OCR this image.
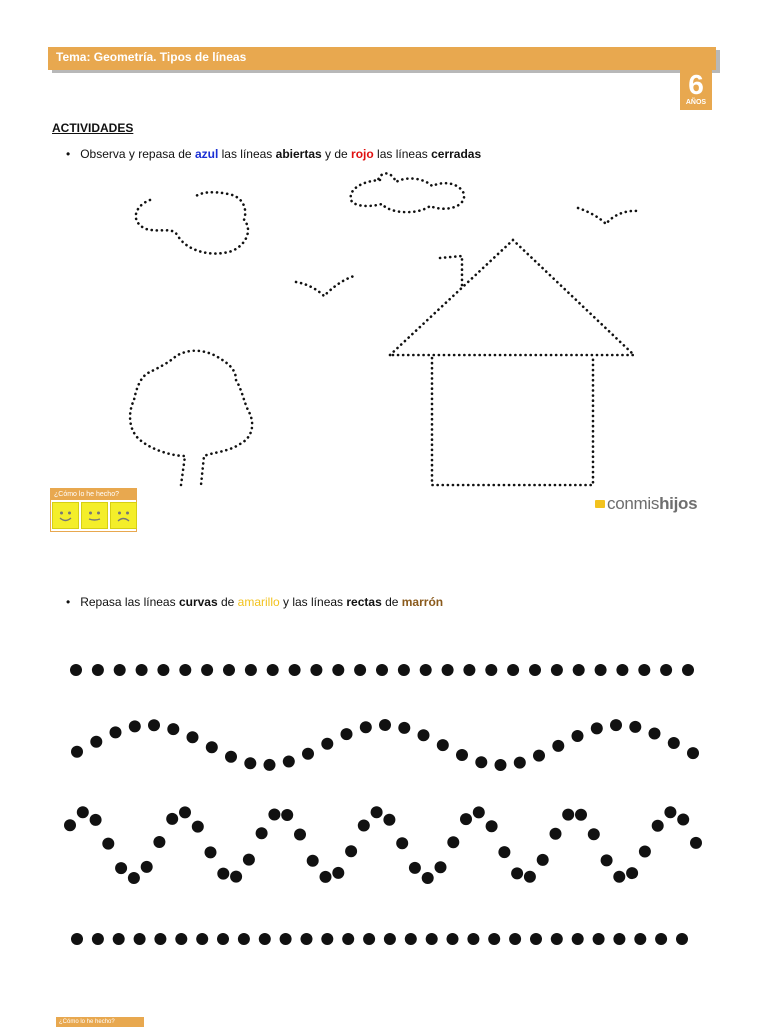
Tema: Geometría. Tipos de líneas
6
AÑOS
ACTIVIDADES
• Observa y repasa de azul las líneas abiertas y de rojo las líneas cerradas
¿Cómo lo he hecho?	conmis hijos
• Repasa las líneas curvas de amarillo y las líneas rectas de marrón
¿Cómo lo he hecho?
